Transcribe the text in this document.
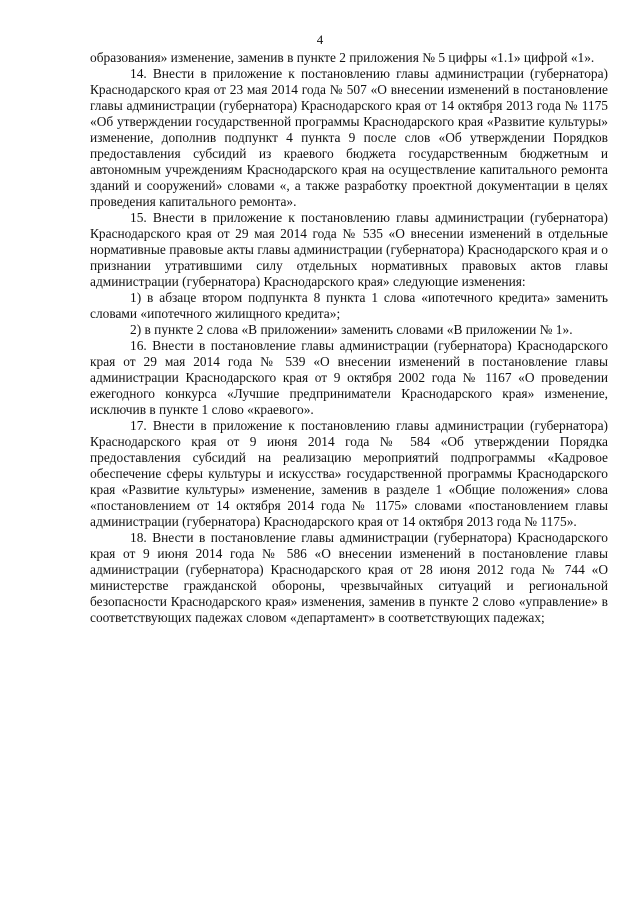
4

образования» изменение, заменив в пункте 2 приложения № 5 цифры «1.1» цифрой «1».

14. Внести в приложение к постановлению главы администрации (губернатора) Краснодарского края от 23 мая 2014 года № 507 «О внесении изменений в постановление главы администрации (губернатора) Краснодарского края от 14 октября 2013 года № 1175 «Об утверждении государственной программы Краснодарского края «Развитие культуры» изменение, дополнив подпункт 4 пункта 9 после слов «Об утверждении Порядков предоставления субсидий из краевого бюджета государственным бюджетным и автономным учреждениям Краснодарского края на осуществление капитального ремонта зданий и сооружений» словами «, а также разработку проектной документации в целях проведения капитального ремонта».

15. Внести в приложение к постановлению главы администрации (губернатора) Краснодарского края от 29 мая 2014 года № 535 «О внесении изменений в отдельные нормативные правовые акты главы администрации (губернатора) Краснодарского края и о признании утратившими силу отдельных нормативных правовых актов главы администрации (губернатора) Краснодарского края» следующие изменения:

1) в абзаце втором подпункта 8 пункта 1 слова «ипотечного кредита» заменить словами «ипотечного жилищного кредита»;

2) в пункте 2 слова «В приложении» заменить словами «В приложении № 1».

16. Внести в постановление главы администрации (губернатора) Краснодарского края от 29 мая 2014 года № 539 «О внесении изменений в постановление главы администрации Краснодарского края от 9 октября 2002 года № 1167 «О проведении ежегодного конкурса «Лучшие предприниматели Краснодарского края» изменение, исключив в пункте 1 слово «краевого».

17. Внести в приложение к постановлению главы администрации (губернатора) Краснодарского края от 9 июня 2014 года № 584 «Об утверждении Порядка предоставления субсидий на реализацию мероприятий подпрограммы «Кадровое обеспечение сферы культуры и искусства» государственной программы Краснодарского края «Развитие культуры» изменение, заменив в разделе 1 «Общие положения» слова «постановлением от 14 октября 2014 года № 1175» словами «постановлением главы администрации (губернатора) Краснодарского края от 14 октября 2013 года № 1175».

18. Внести в постановление главы администрации (губернатора) Краснодарского края от 9 июня 2014 года № 586 «О внесении изменений в постановление главы администрации (губернатора) Краснодарского края от 28 июня 2012 года № 744 «О министерстве гражданской обороны, чрезвычайных ситуаций и региональной безопасности Краснодарского края» изменения, заменив в пункте 2 слово «управление» в соответствующих падежах словом «департамент» в соответствующих падежах;
